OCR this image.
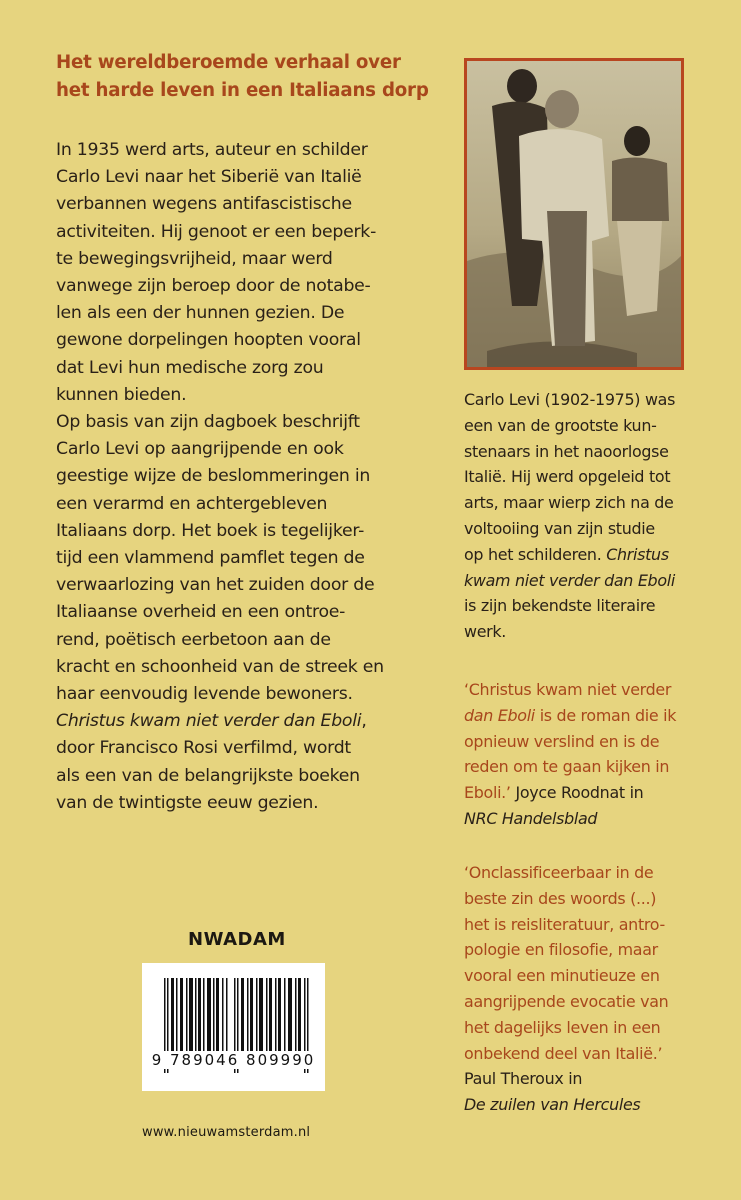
Het wereldberoemde verhaal over
het harde leven in een Italiaans dorp
In 1935 werd arts, auteur en schilder
Carlo Levi naar het Siberië van Italië
verbannen wegens antifascistische
activiteiten. Hij genoot er een beperk-
te bewegingsvrijheid, maar werd
vanwege zijn beroep door de notabe-
len als een der hunnen gezien. De
gewone dorpelingen hoopten vooral
dat Levi hun medische zorg zou
kunnen bieden.
Op basis van zijn dagboek beschrijft
Carlo Levi op aangrijpende en ook
geestige wijze de beslommeringen in
een verarmd en achtergebleven
Italiaans dorp. Het boek is tegelijker-
tijd een vlammend pamflet tegen de
verwaarlozing van het zuiden door de
Italiaanse overheid en een ontroe-
rend, poëtisch eerbetoon aan de
kracht en schoonheid van de streek en
haar eenvoudig levende bewoners.
Christus kwam niet verder dan Eboli,
door Francisco Rosi verfilmd, wordt
als een van de belangrijkste boeken
van de twintigste eeuw gezien.
Carlo Levi (1902-1975) was
een van de grootste kun-
stenaars in het naoorlogse
Italië. Hij werd opgeleid tot
arts, maar wierp zich na de
voltooiing van zijn studie
op het schilderen. Christus
kwam niet verder dan Eboli
is zijn bekendste literaire
werk.
‘Christus kwam niet verder
dan Eboli is de roman die ik
opnieuw verslind en is de
reden om te gaan kijken in
Eboli.’ Joyce Roodnat in
NRC Handelsblad
‘Onclassificeerbaar in de
beste zin des woords (...)
het is reisliteratuur, antro-
pologie en filosofie, maar
vooral een minutieuze en
aangrijpende evocatie van
het dagelijks leven in een
onbekend deel van Italië.’
Paul Theroux in
De zuilen van Hercules
NWADAM
9 789046 809990
www.nieuwamsterdam.nl
